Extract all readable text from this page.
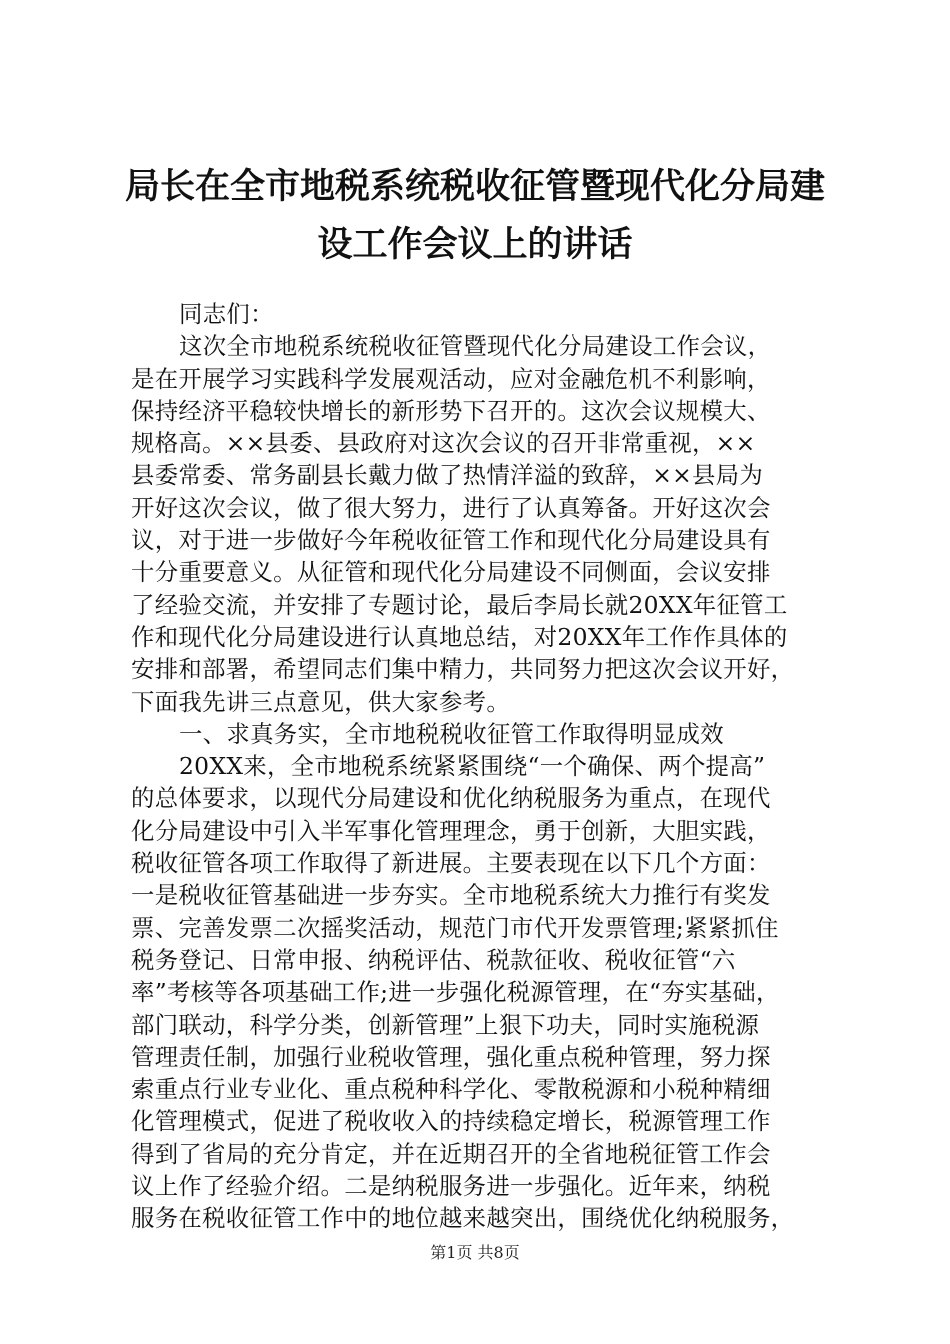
局长在全市地税系统税收征管暨现代化分局建
设工作会议上的讲话
同志们：
这次全市地税系统税收征管暨现代化分局建设工作会议，
是在开展学习实践科学发展观活动，应对金融危机不利影响，
保持经济平稳较快增长的新形势下召开的。这次会议规模大、
规格高。××县委、县政府对这次会议的召开非常重视，××
县委常委、常务副县长戴力做了热情洋溢的致辞，××县局为
开好这次会议，做了很大努力，进行了认真筹备。开好这次会
议，对于进一步做好今年税收征管工作和现代化分局建设具有
十分重要意义。从征管和现代化分局建设不同侧面，会议安排
了经验交流，并安排了专题讨论，最后李局长就20XX年征管工
作和现代化分局建设进行认真地总结，对20XX年工作作具体的
安排和部署，希望同志们集中精力，共同努力把这次会议开好，
下面我先讲三点意见，供大家参考。
一、求真务实，全市地税税收征管工作取得明显成效
20XX来，全市地税系统紧紧围绕“一个确保、两个提高”
的总体要求，以现代分局建设和优化纳税服务为重点，在现代
化分局建设中引入半军事化管理理念，勇于创新，大胆实践，
税收征管各项工作取得了新进展。主要表现在以下几个方面：
一是税收征管基础进一步夯实。全市地税系统大力推行有奖发
票、完善发票二次摇奖活动，规范门市代开发票管理;紧紧抓住
税务登记、日常申报、纳税评估、税款征收、税收征管“六
率”考核等各项基础工作;进一步强化税源管理，在“夯实基础，
部门联动，科学分类，创新管理”上狠下功夫，同时实施税源
管理责任制，加强行业税收管理，强化重点税种管理，努力探
索重点行业专业化、重点税种科学化、零散税源和小税种精细
化管理模式，促进了税收收入的持续稳定增长，税源管理工作
得到了省局的充分肯定，并在近期召开的全省地税征管工作会
议上作了经验介绍。二是纳税服务进一步强化。近年来，纳税
服务在税收征管工作中的地位越来越突出，围绕优化纳税服务，
第1页 共8页
